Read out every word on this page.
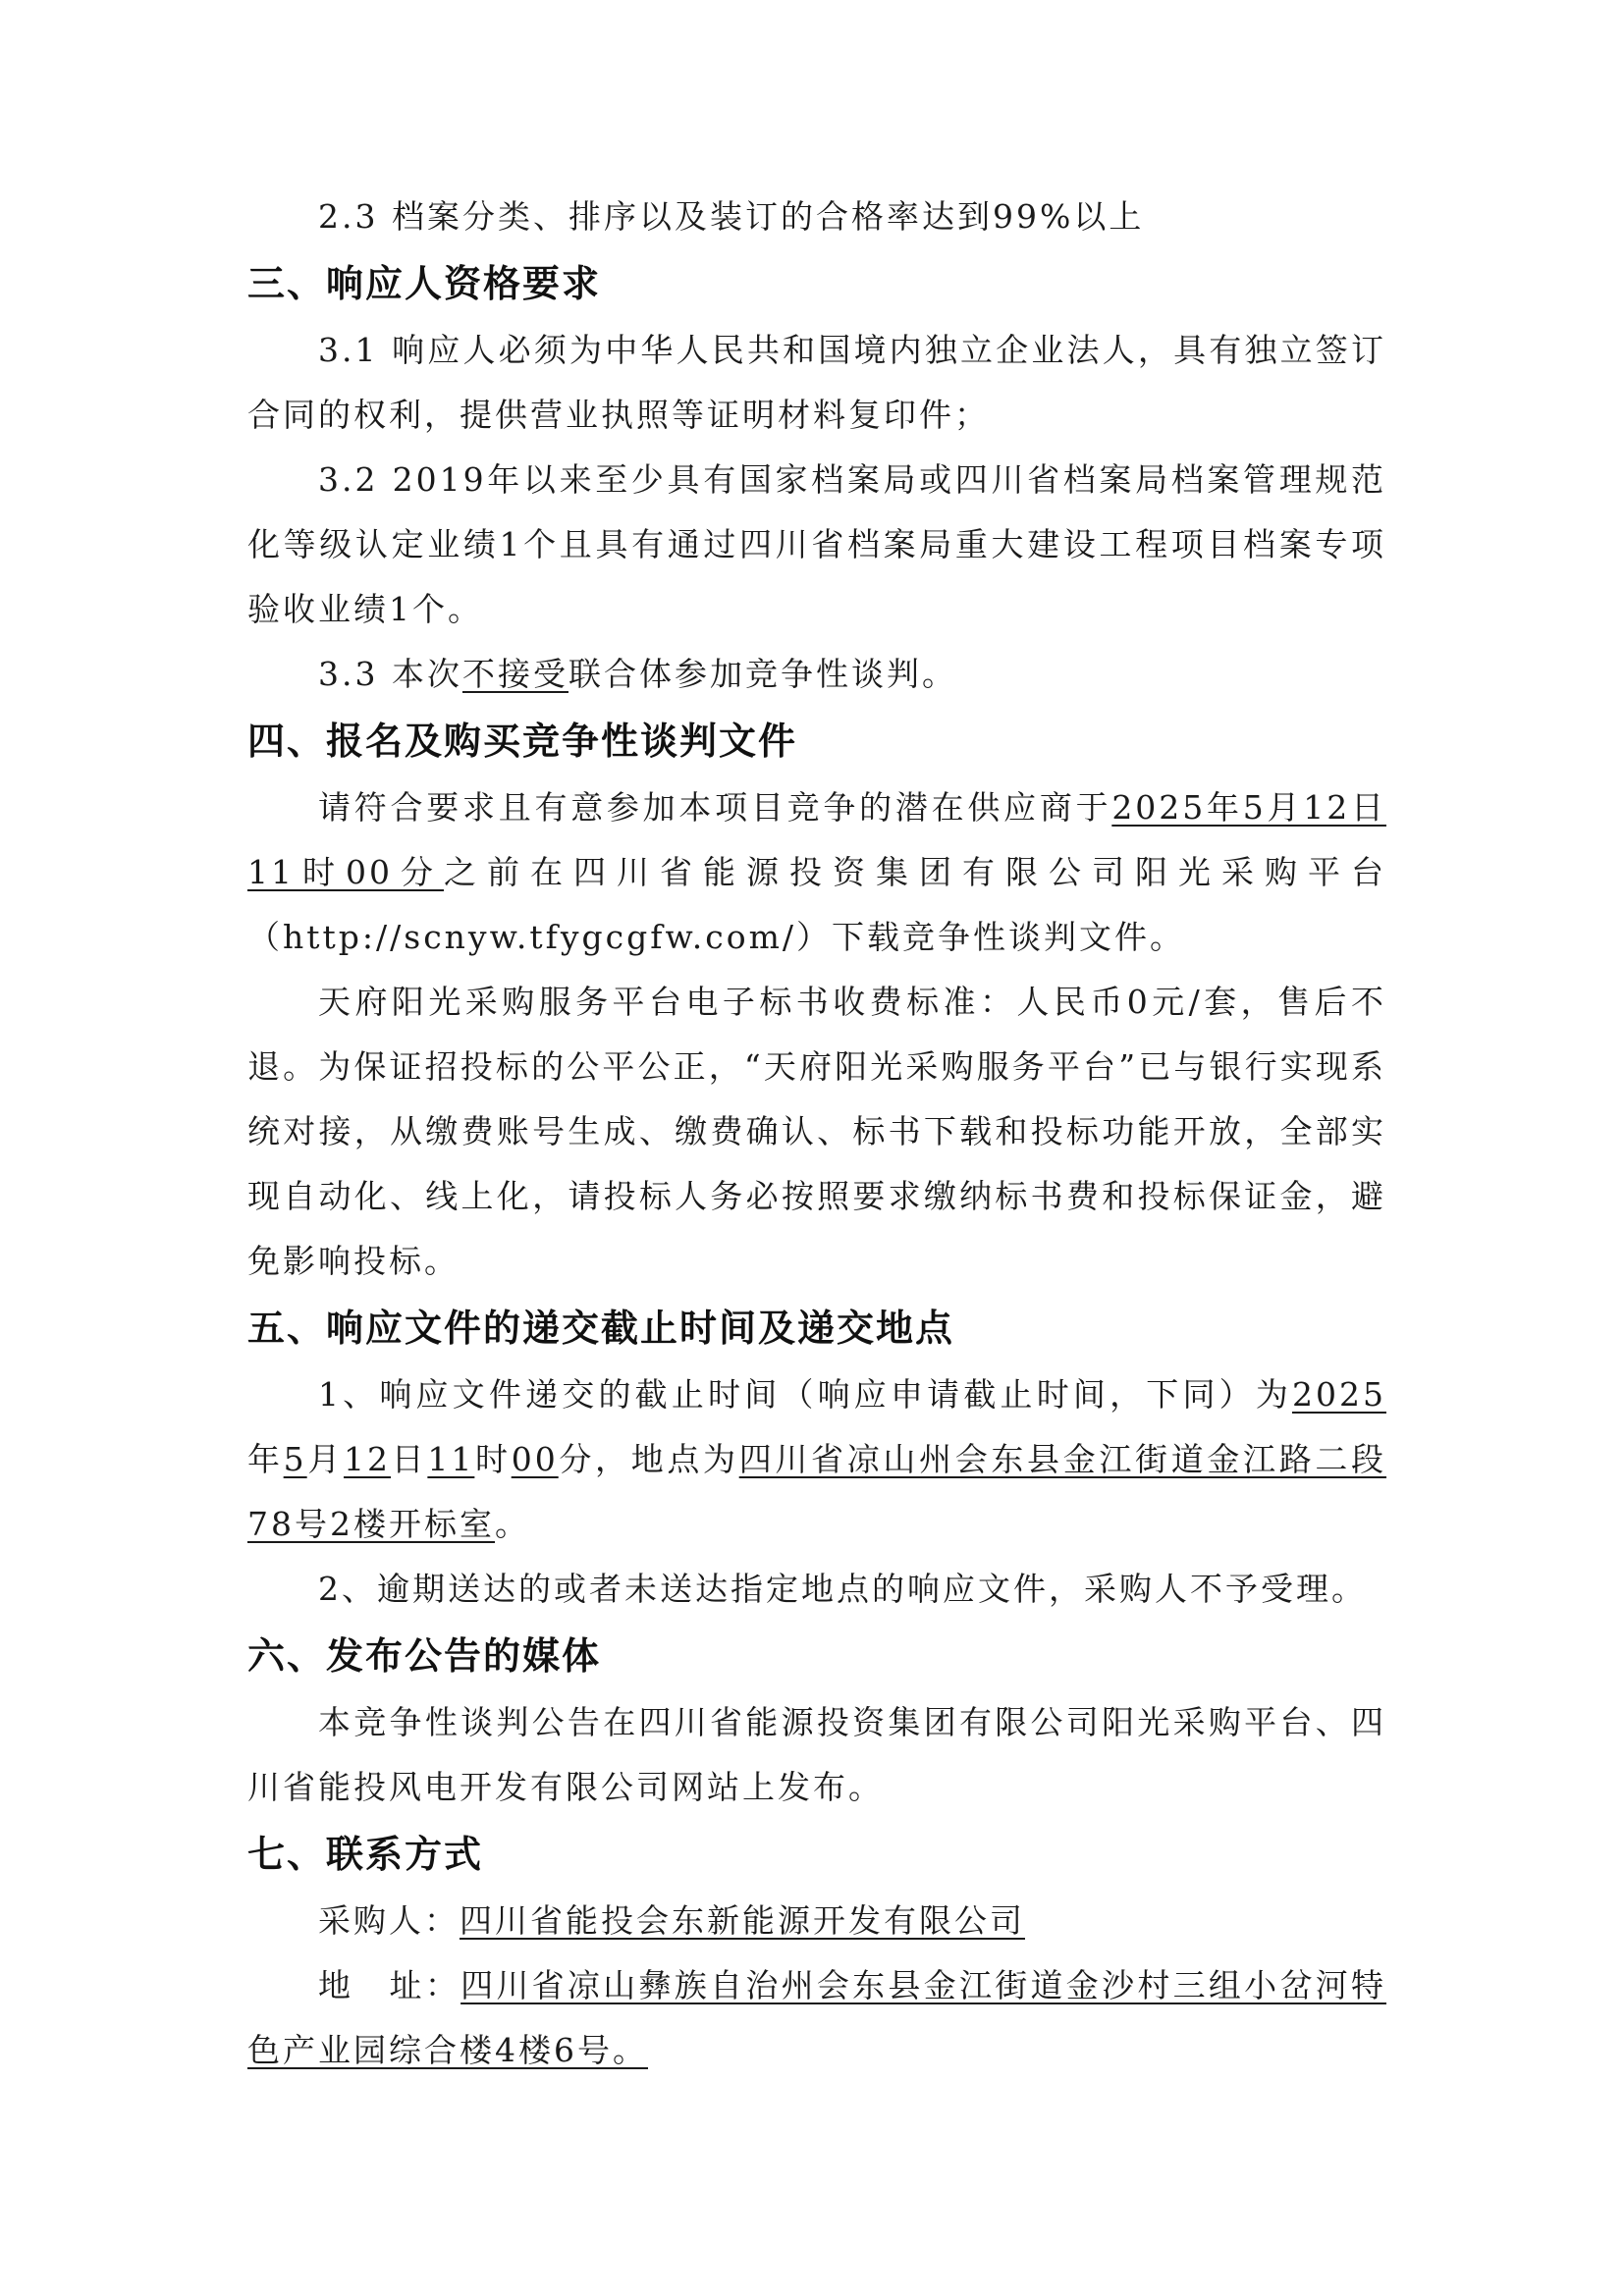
2.3 档案分类、排序以及装订的合格率达到99%以上

三、响应人资格要求

3.1 响应人必须为中华人民共和国境内独立企业法人，具有独立签订合同的权利，提供营业执照等证明材料复印件；

3.2 2019年以来至少具有国家档案局或四川省档案局档案管理规范化等级认定业绩1个且具有通过四川省档案局重大建设工程项目档案专项验收业绩1个。

3.3 本次不接受联合体参加竞争性谈判。

四、报名及购买竞争性谈判文件

请符合要求且有意参加本项目竞争的潜在供应商于2025年5月12日11时00分之前在四川省能源投资集团有限公司阳光采购平台（http://scnyw.tfygcgfw.com/）下载竞争性谈判文件。

天府阳光采购服务平台电子标书收费标准：人民币0元/套，售后不退。为保证招投标的公平公正，“天府阳光采购服务平台”已与银行实现系统对接，从缴费账号生成、缴费确认、标书下载和投标功能开放，全部实现自动化、线上化，请投标人务必按照要求缴纳标书费和投标保证金，避免影响投标。

五、响应文件的递交截止时间及递交地点

1、响应文件递交的截止时间（响应申请截止时间，下同）为2025年5月12日11时00分，地点为四川省凉山州会东县金江街道金江路二段78号2楼开标室。

2、逾期送达的或者未送达指定地点的响应文件，采购人不予受理。

六、发布公告的媒体

本竞争性谈判公告在四川省能源投资集团有限公司阳光采购平台、四川省能投风电开发有限公司网站上发布。

七、联系方式

采购人：四川省能投会东新能源开发有限公司

地　址：四川省凉山彝族自治州会东县金江街道金沙村三组小岔河特色产业园综合楼4楼6号。
